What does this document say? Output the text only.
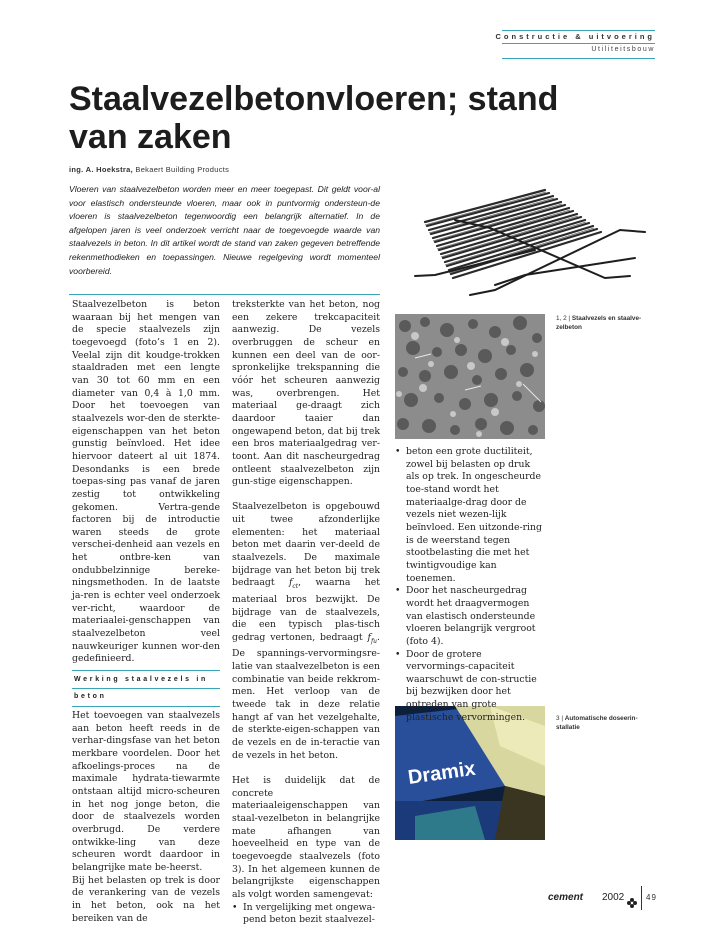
Constructie & uitvoering
Utiliteitsbouw
Staalvezelbetonvloeren; stand van zaken
ing. A. Hoekstra, Bekaert Building Products
Vloeren van staalvezelbeton worden meer en meer toegepast. Dit geldt voor-al voor elastisch ondersteunde vloeren, maar ook in puntvormig ondersteun-de vloeren is staalvezelbeton tegenwoordig een belangrijk alternatief. In de afgelopen jaren is veel onderzoek verricht naar de toegevoegde waarde van staalvezels in beton. In dit artikel wordt de stand van zaken gegeven betreffende rekenmethodieken en toepassingen. Nieuwe regelgeving wordt momenteel voorbereid.
1, 2 | Staalvezels en staalve-zelbeton
Dramix
3 | Automatische doseerin-stallatie

Staalvezelbeton is beton waaraan bij het mengen van de specie staalvezels zijn toegevoegd (foto’s 1 en 2). Veelal zijn dit koudge-trokken staaldraden met een lengte van 30 tot 60 mm en een diameter van 0,4 à 1,0 mm. Door het toevoegen van staalvezels wor-den de sterkte-eigenschappen van het beton gunstig beïnvloed. Het idee hiervoor dateert al uit 1874. Desondanks is een brede toepas-sing pas vanaf de jaren zestig tot ontwikkeling gekomen. Vertra-gende factoren bij de introductie waren steeds de grote verschei-denheid aan vezels en het ontbre-ken van ondubbelzinnige bereke-ningsmethoden. In de laatste ja-ren is echter veel onderzoek ver-richt, waardoor de materiaalei-genschappen van staalvezelbeton veel nauwkeuriger kunnen wor-den gedefinieerd.

Werking staalvezels in
beton

Het toevoegen van staalvezels aan beton heeft reeds in de verhar-dingsfase van het beton merkbare voordelen. Door het afkoelings-proces na de maximale hydrata-tiewarmte ontstaan altijd micro-scheuren in het nog jonge beton, die door de staalvezels worden overbrugd. De verdere ontwikke-ling van deze scheuren wordt daardoor in belangrijke mate be-heerst.

Bij het belasten op trek is door de verankering van de vezels in het beton, ook na het bereiken van de

treksterkte van het beton, nog een zekere trekcapaciteit aanwezig. De vezels overbruggen de scheur en kunnen een deel van de oor-spronkelijke trekspanning die vóór het scheuren aanwezig was, overbrengen. Het materiaal ge-draagt zich daardoor taaier dan ongewapend beton, dat bij trek een bros materiaalgedrag ver-toont. Aan dit nascheurgedrag ontleent staalvezelbeton zijn gun-stige eigenschappen.

Staalvezelbeton is opgebouwd uit twee afzonderlijke elementen: het materiaal beton met daarin ver-deeld de staalvezels. De maximale bijdrage van het beton bij trek bedraagt $f_{ct}$, waarna het materiaal bros bezwijkt. De bijdrage van de staalvezels, die een typisch plas-tisch gedrag vertonen, bedraagt $f_{fu}$. De spannings-vervormingsre-latie van staalvezelbeton is een combinatie van beide rekkrom-men. Het verloop van de tweede tak in deze relatie hangt af van het vezelgehalte, de sterkte-eigen-schappen van de vezels en de in-teractie van de vezels in het beton.

Het is duidelijk dat de concrete materiaaleigenschappen van staal-vezelbeton in belangrijke mate afhangen van hoeveelheid en type van de toegevoegde staalvezels (foto 3). In het algemeen kunnen de belangrijkste eigenschappen als volgt worden samengevat:

• In vergelijking met ongewa-pend beton bezit staalvezel-
• beton een grote ductiliteit, zowel bij belasten op druk als op trek. In ongescheurde toe-stand wordt het materiaalge-drag door de vezels niet wezen-lijk beïnvloed. Een uitzonde-ring is de weerstand tegen stootbelasting die met het twintigvoudige kan toenemen.
• Door het nascheurgedrag wordt het draagvermogen van elastisch ondersteunde vloeren belangrijk vergroot (foto 4).
• Door de grotere vervormings-capaciteit waarschuwt de con-structie bij bezwijken door het optreden van grote plastische vervormingen.
cement 2002	49
